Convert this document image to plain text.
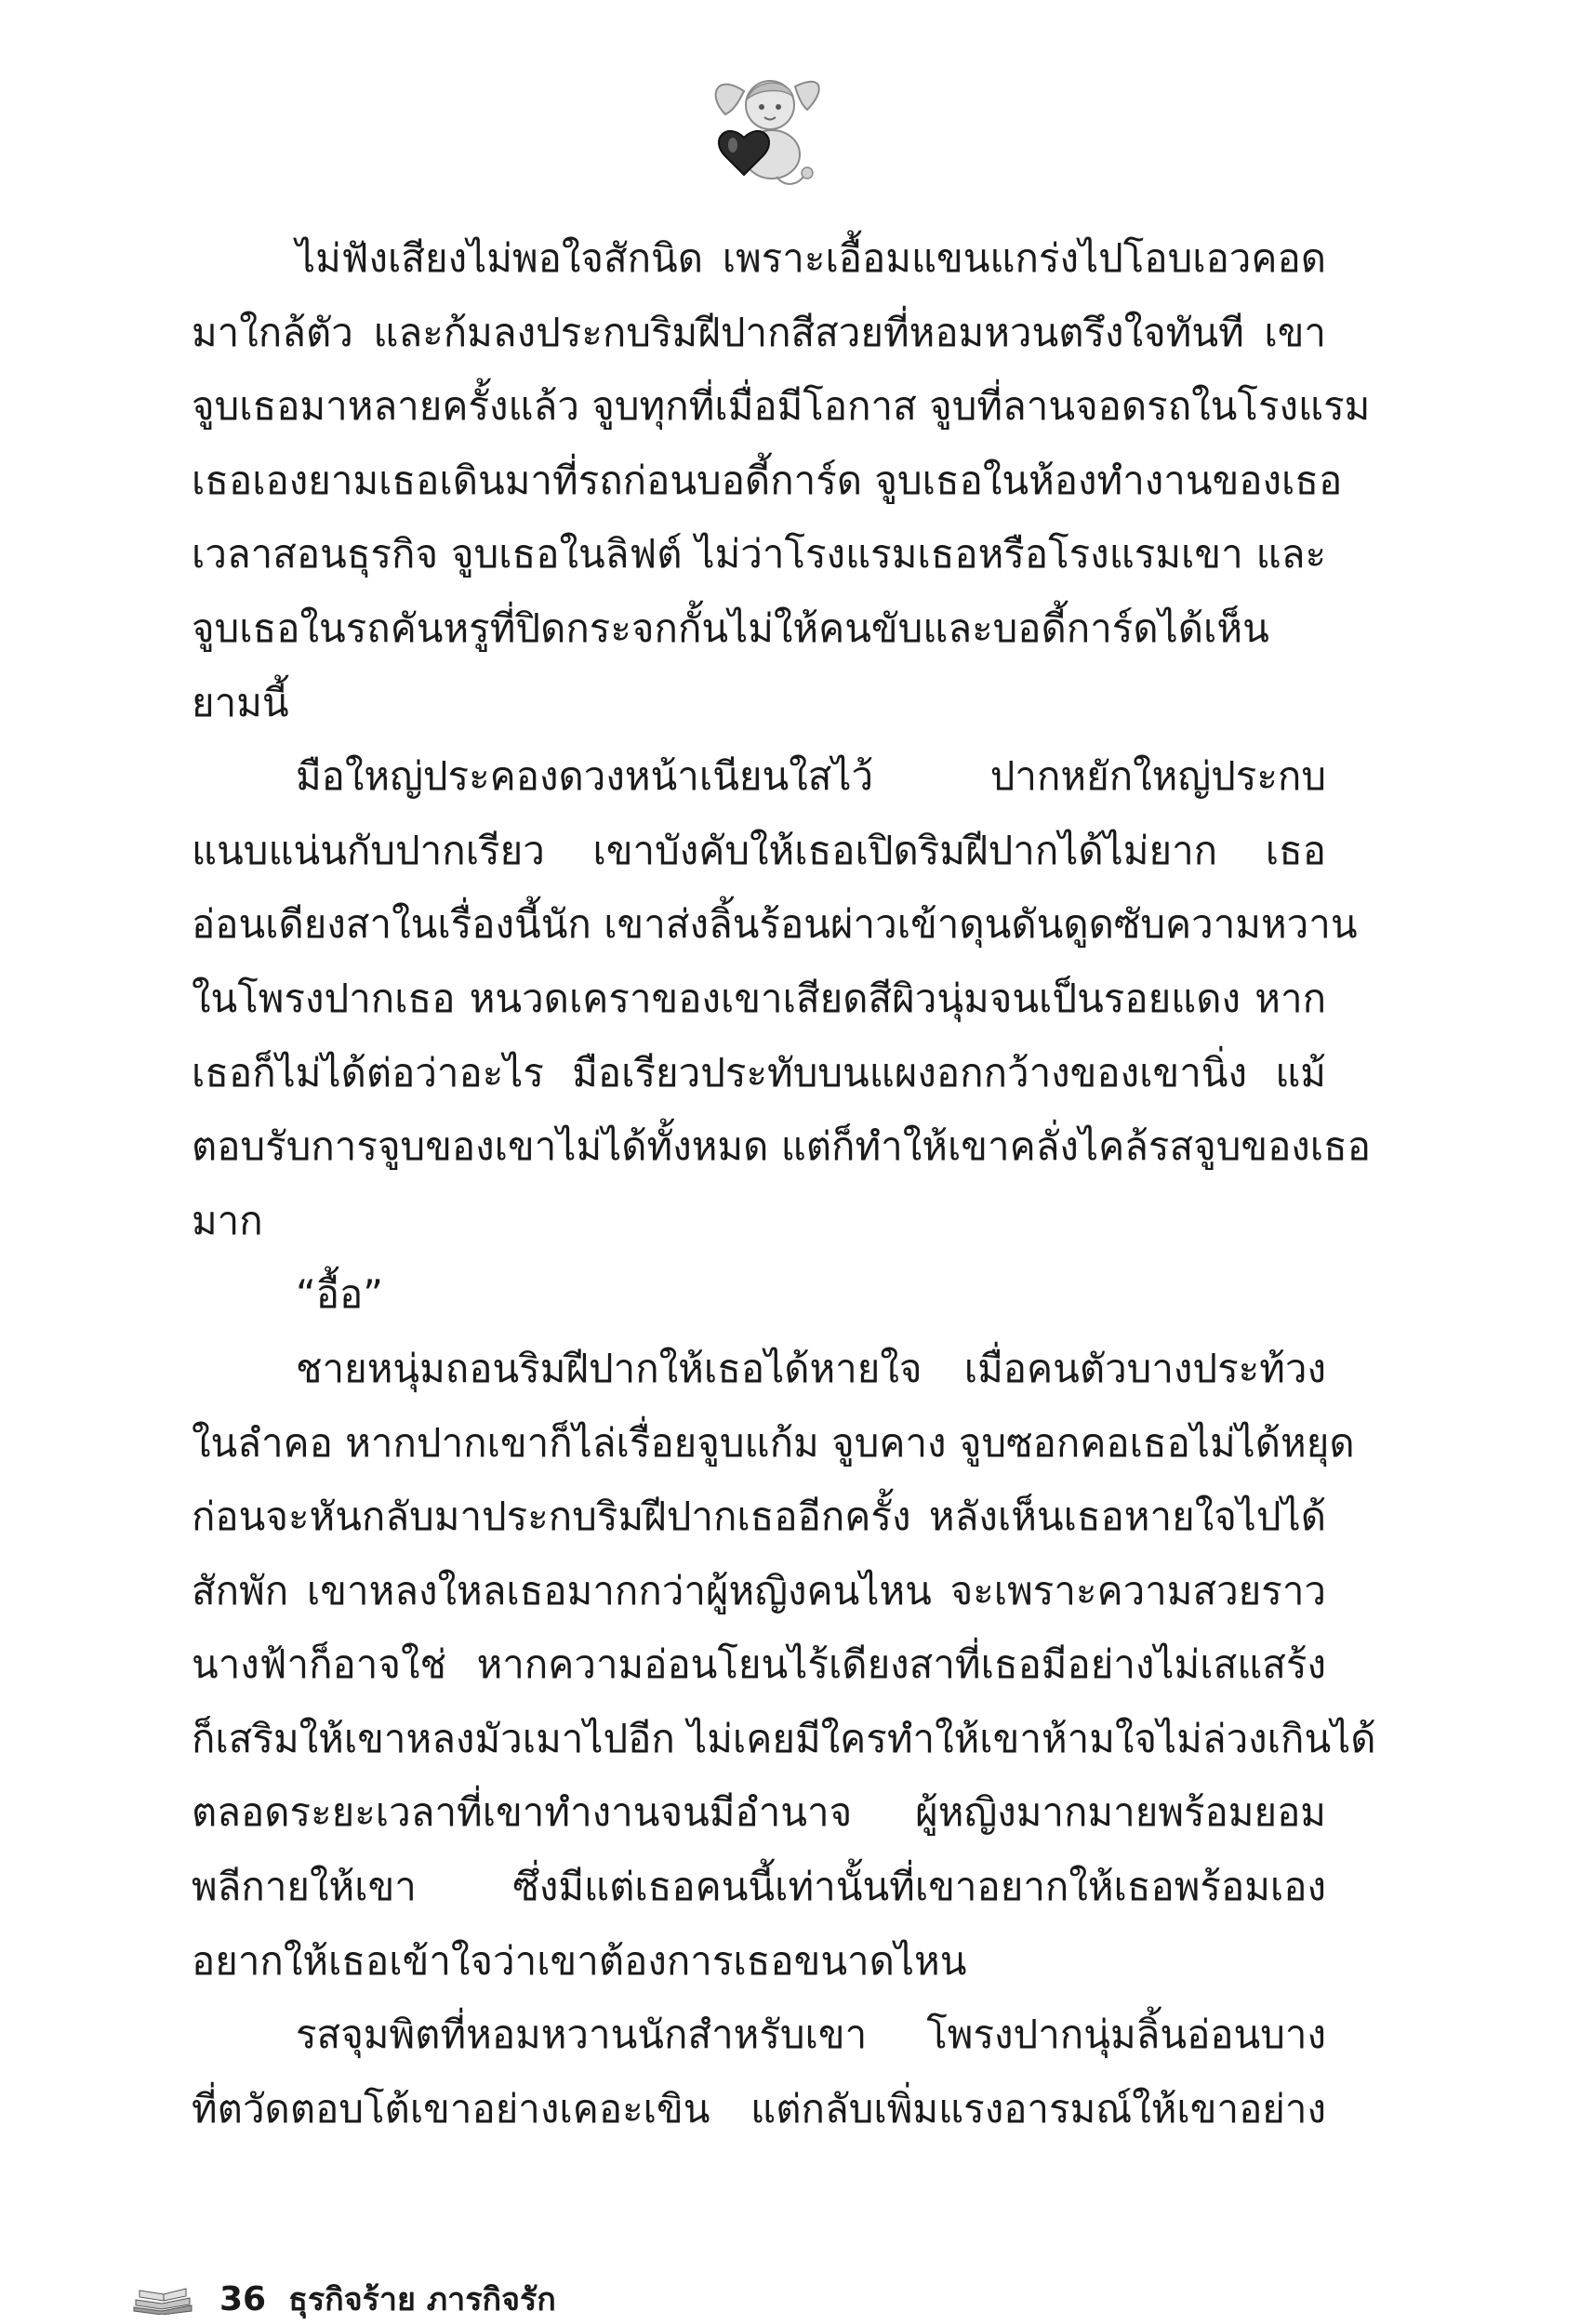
ไม่ฟังเสียงไม่พอใจสักนิด เพราะเอื้อมแขนแกร่งไปโอบเอวคอด
มาใกล้ตัว และก้มลงประกบริมฝีปากสีสวยที่หอมหวนตรึงใจทันที เขา
จูบเธอมาหลายครั้งแล้ว จูบทุกที่เมื่อมีโอกาส จูบที่ลานจอดรถในโรงแรม
เธอเองยามเธอเดินมาที่รถก่อนบอดี้การ์ด จูบเธอในห้องทำงานของเธอ
เวลาสอนธุรกิจ จูบเธอในลิฟต์ ไม่ว่าโรงแรมเธอหรือโรงแรมเขา และ
จูบเธอในรถคันหรูที่ปิดกระจกกั้นไม่ให้คนขับและบอดี้การ์ดได้เห็น
ยามนี้
มือใหญ่ประคองดวงหน้าเนียนใสไว้ ปากหยักใหญ่ประกบ
แนบแน่นกับปากเรียว เขาบังคับให้เธอเปิดริมฝีปากได้ไม่ยาก เธอ
อ่อนเดียงสาในเรื่องนี้นัก เขาส่งลิ้นร้อนผ่าวเข้าดุนดันดูดซับความหวาน
ในโพรงปากเธอ หนวดเคราของเขาเสียดสีผิวนุ่มจนเป็นรอยแดง หาก
เธอก็ไม่ได้ต่อว่าอะไร มือเรียวประทับบนแผงอกกว้างของเขานิ่ง แม้
ตอบรับการจูบของเขาไม่ได้ทั้งหมด แต่ก็ทำให้เขาคลั่งไคล้รสจูบของเธอ
มาก
“อื้อ”
ชายหนุ่มถอนริมฝีปากให้เธอได้หายใจ เมื่อคนตัวบางประท้วง
ในลำคอ หากปากเขาก็ไล่เรื่อยจูบแก้ม จูบคาง จูบซอกคอเธอไม่ได้หยุด
ก่อนจะหันกลับมาประกบริมฝีปากเธออีกครั้ง หลังเห็นเธอหายใจไปได้
สักพัก เขาหลงใหลเธอมากกว่าผู้หญิงคนไหน จะเพราะความสวยราว
นางฟ้าก็อาจใช่ หากความอ่อนโยนไร้เดียงสาที่เธอมีอย่างไม่เสแสร้ง
ก็เสริมให้เขาหลงมัวเมาไปอีก ไม่เคยมีใครทำให้เขาห้ามใจไม่ล่วงเกินได้
ตลอดระยะเวลาที่เขาทำงานจนมีอำนาจ ผู้หญิงมากมายพร้อมยอม
พลีกายให้เขา ซึ่งมีแต่เธอคนนี้เท่านั้นที่เขาอยากให้เธอพร้อมเอง
อยากให้เธอเข้าใจว่าเขาต้องการเธอขนาดไหน
รสจุมพิตที่หอมหวานนักสำหรับเขา โพรงปากนุ่มลิ้นอ่อนบาง
ที่ตวัดตอบโต้เขาอย่างเคอะเขิน แต่กลับเพิ่มแรงอารมณ์ให้เขาอย่าง
36 ธุรกิจร้าย ภารกิจรัก
